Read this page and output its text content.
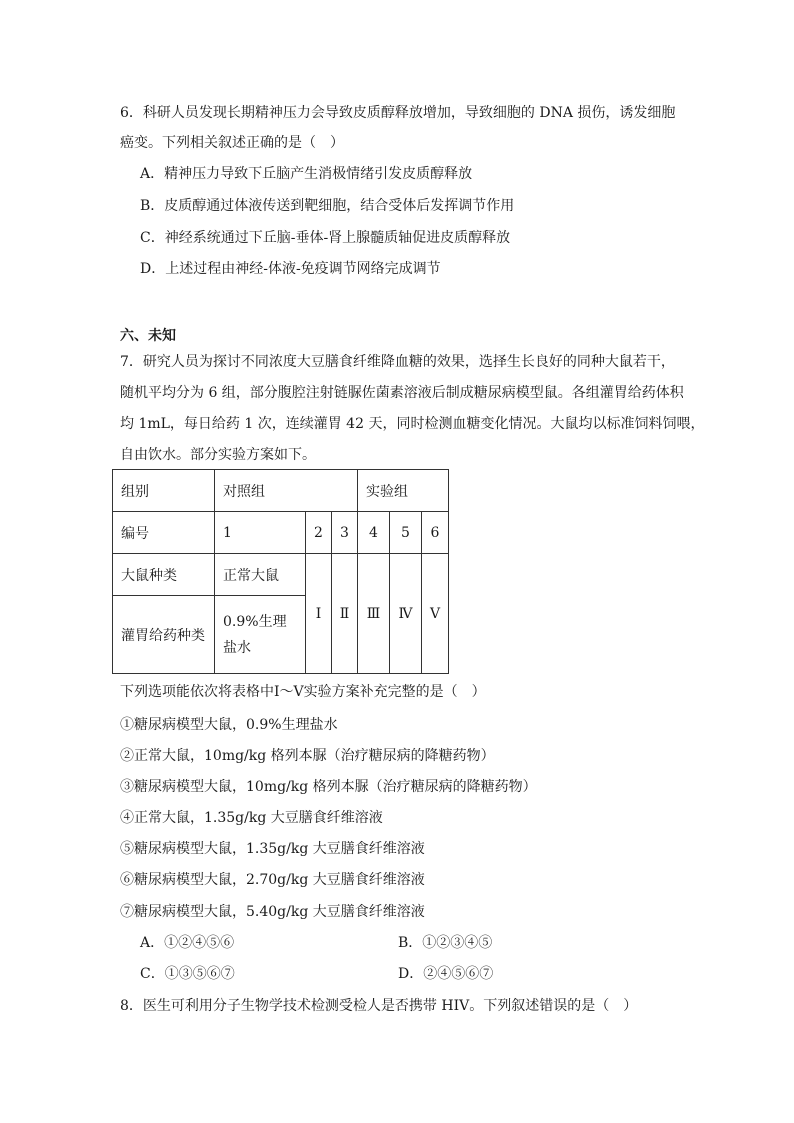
6．科研人员发现长期精神压力会导致皮质醇释放增加，导致细胞的 DNA 损伤，诱发细胞
癌变。下列相关叙述正确的是（　）
A．精神压力导致下丘脑产生消极情绪引发皮质醇释放
B．皮质醇通过体液传送到靶细胞，结合受体后发挥调节作用
C．神经系统通过下丘脑-垂体-肾上腺髓质轴促进皮质醇释放
D．上述过程由神经-体液-免疫调节网络完成调节
六、未知
7．研究人员为探讨不同浓度大豆膳食纤维降血糖的效果，选择生长良好的同种大鼠若干，
随机平均分为 6 组，部分腹腔注射链脲佐菌素溶液后制成糖尿病模型鼠。各组灌胃给药体积
均 1mL，每日给药 1 次，连续灌胃 42 天，同时检测血糖变化情况。大鼠均以标准饲料饲喂，
自由饮水。部分实验方案如下。
组别	对照组			实验组		
编号	1	2	3	4	5	6
大鼠种类	正常大鼠	Ⅰ	Ⅱ	Ⅲ	Ⅳ	Ⅴ
灌胃给药种类	0.9%生理盐水					
下列选项能依次将表格中Ⅰ～Ⅴ实验方案补充完整的是（　）
①糖尿病模型大鼠，0.9%生理盐水
②正常大鼠，10mg/kg 格列本脲（治疗糖尿病的降糖药物）
③糖尿病模型大鼠，10mg/kg 格列本脲（治疗糖尿病的降糖药物）
④正常大鼠，1.35g/kg 大豆膳食纤维溶液
⑤糖尿病模型大鼠，1.35g/kg 大豆膳食纤维溶液
⑥糖尿病模型大鼠，2.70g/kg 大豆膳食纤维溶液
⑦糖尿病模型大鼠，5.40g/kg 大豆膳食纤维溶液
A．①②④⑤⑥	B．①②③④⑤
C．①③⑤⑥⑦	D．②④⑤⑥⑦
8．医生可利用分子生物学技术检测受检人是否携带 HIV。下列叙述错误的是（　）
